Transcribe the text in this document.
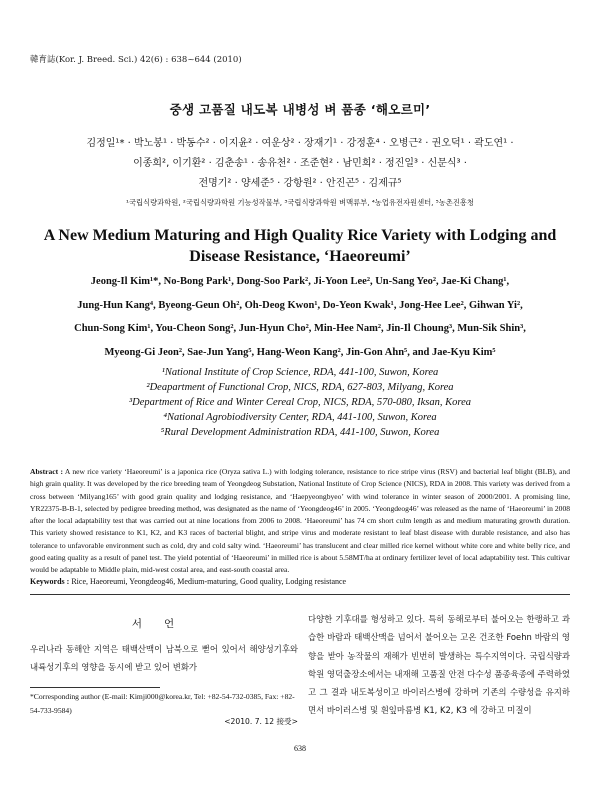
韓育誌(Kor. J. Breed. Sci.) 42(6) : 638~644 (2010)
중생 고품질 내도복 내병성 벼 품종 ‘해오르미’
김정일¹* · 박노봉¹ · 박동수² · 이지윤² · 여운상² · 장재기¹ · 강정훈⁴ · 오병근² · 권오덕¹ · 곽도연¹ ·
이종희², 이기환² · 김춘송¹ · 송유천² · 조준현² · 남민희² · 정진일³ · 신문식³ ·
전명기² · 양세준⁵ · 강항원² · 안진곤⁵ · 김제규⁵
¹국립식량과학원, ²국립식량과학원 기능성작물부, ³국립식량과학원 벼맥류부, ⁴농업유전자원센터, ⁵농촌진흥청
A New Medium Maturing and High Quality Rice Variety with Lodging and
Disease Resistance, ‘Haeoreumi’
Jeong-Il Kim¹*, No-Bong Park¹, Dong-Soo Park², Ji-Yoon Lee², Un-Sang Yeo², Jae-Ki Chang¹,
Jung-Hun Kang⁴, Byeong-Geun Oh², Oh-Deog Kwon¹, Do-Yeon Kwak¹, Jong-Hee Lee², Gihwan Yi²,
Chun-Song Kim¹, You-Cheon Song², Jun-Hyun Cho², Min-Hee Nam², Jin-Il Choung³, Mun-Sik Shin³,
Myeong-Gi Jeon², Sae-Jun Yang⁵, Hang-Weon Kang², Jin-Gon Ahn⁵, and Jae-Kyu Kim⁵
¹National Institute of Crop Science, RDA, 441-100, Suwon, Korea
²Deapartment of Functional Crop, NICS, RDA, 627-803, Milyang, Korea
³Department of Rice and Winter Cereal Crop, NICS, RDA, 570-080, Iksan, Korea
⁴National Agrobiodiversity Center, RDA, 441-100, Suwon, Korea
⁵Rural Development Administration RDA, 441-100, Suwon, Korea
Abstract : A new rice variety ‘Haeoreumi’ is a japonica rice (Oryza sativa L.) with lodging tolerance, resistance to rice stripe virus (RSV) and bacterial leaf blight (BLB), and high grain quality. It was developed by the rice breeding team of Yeongdeog Substation, National Institute of Crop Science (NICS), RDA in 2008. This variety was derived from a cross between ‘Milyang165’ with good grain quality and lodging resistance, and ‘Haepyeongbyeo’ with wind tolerance in winter season of 2000/2001. A promising line, YR22375-B-B-1, selected by pedigree breeding method, was designated as the name of ‘Yeongdeog46’ in 2005. ‘Yeongdeog46’ was released as the name of ‘Haeoreumi’ in 2008 after the local adaptability test that was carried out at nine locations from 2006 to 2008. ‘Haeoreumi’ has 74 cm short culm length as and medium maturating growth duration. This variety showed resistance to K1, K2, and K3 races of bacterial blight, and stripe virus and moderate resistant to leaf blast disease with durable resistance, and also has tolerance to unfavorable environment such as cold, dry and cold salty wind. ‘Haeoreumi’ has translucent and clear milled rice kernel without white core and white belly rice, and good eating quality as a result of panel test. The yield potential of ‘Haeoreumi’ in milled rice is about 5.58MT/ha at ordinary fertilizer level of local adaptability test. This cultivar would be adaptable to Middle plain, mid-west costal area, and east-south coastal area.
Keywords : Rice, Haeoreumi, Yeongdeog46, Medium-maturing, Good quality, Lodging resistance
서언
우리나라 동해안 지역은 태백산맥이 남북으로 뻗어 있어서 해양성기후와 내륙성기후의 영향을 동시에 받고 있어 변화가
다양한 기후대를 형성하고 있다. 특히 동해로부터 불어오는 한랭하고 과습한 바람과 태백산맥을 넘어서 불어오는 고온 건조한 Foehn 바람의 영향을 받아 농작물의 재해가 빈번히 발생하는 특수지역이다. 국립식량과학원 영덕출장소에서는 내재해 고품질 안전 다수성 품종육종에 주력하였고 그 결과 내도복성이고 바이러스병에 강하며 기존의 수량성을 유지하면서 바이러스병 및 흰잎마름병 K1, K2, K3 에 강하고 미질이
*Corresponding author (E-mail: Kimji000@korea.kr, Tel: +82-54-732-0385, Fax: +82-54-733-9584)
<2010. 7. 12 接受>
638
